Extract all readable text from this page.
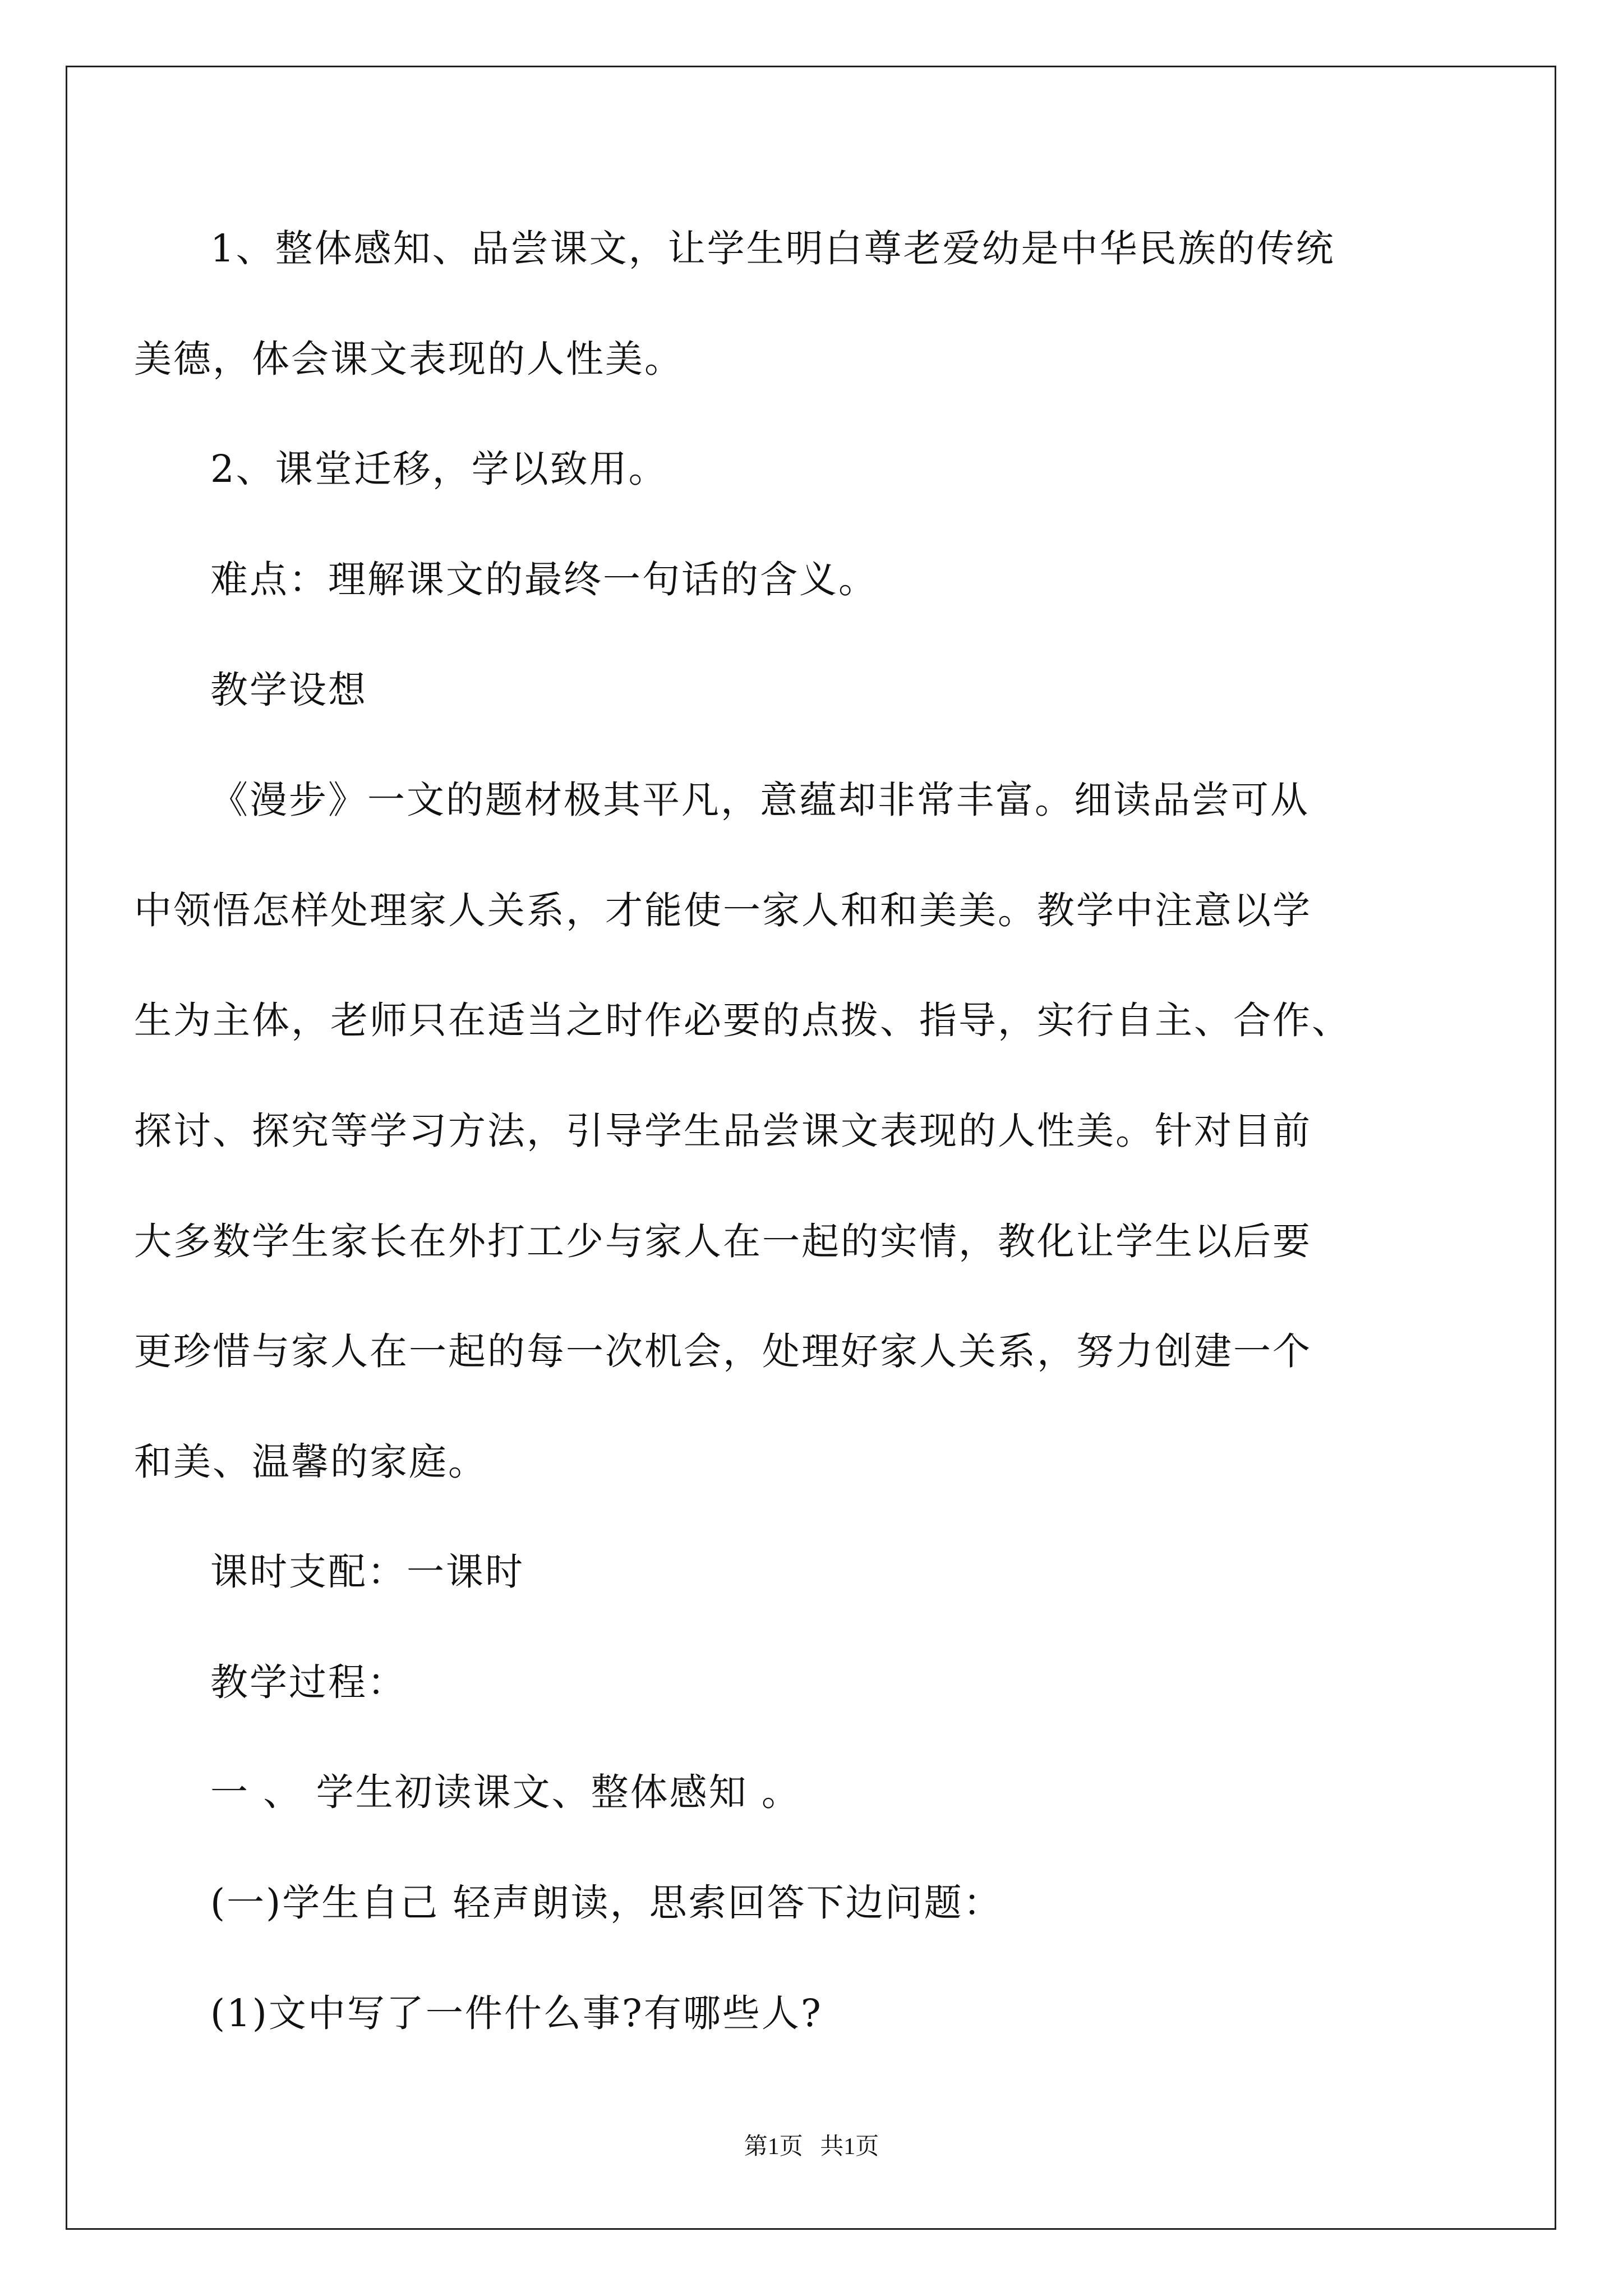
1、整体感知、品尝课文，让学生明白尊老爱幼是中华民族的传统

美德，体会课文表现的人性美。

2、课堂迁移，学以致用。

难点：理解课文的最终一句话的含义。

教学设想

《漫步》一文的题材极其平凡，意蕴却非常丰富。细读品尝可从

中领悟怎样处理家人关系，才能使一家人和和美美。教学中注意以学

生为主体，老师只在适当之时作必要的点拨、指导，实行自主、合作、

探讨、探究等学习方法，引导学生品尝课文表现的人性美。针对目前

大多数学生家长在外打工少与家人在一起的实情，教化让学生以后要

更珍惜与家人在一起的每一次机会，处理好家人关系，努力创建一个

和美、温馨的家庭。

课时支配：一课时

教学过程：

一 、 学生初读课文、整体感知 。

(一)学生自己 轻声朗读，思索回答下边问题：

(1)文中写了一件什么事?有哪些人?

第1页 共1页
